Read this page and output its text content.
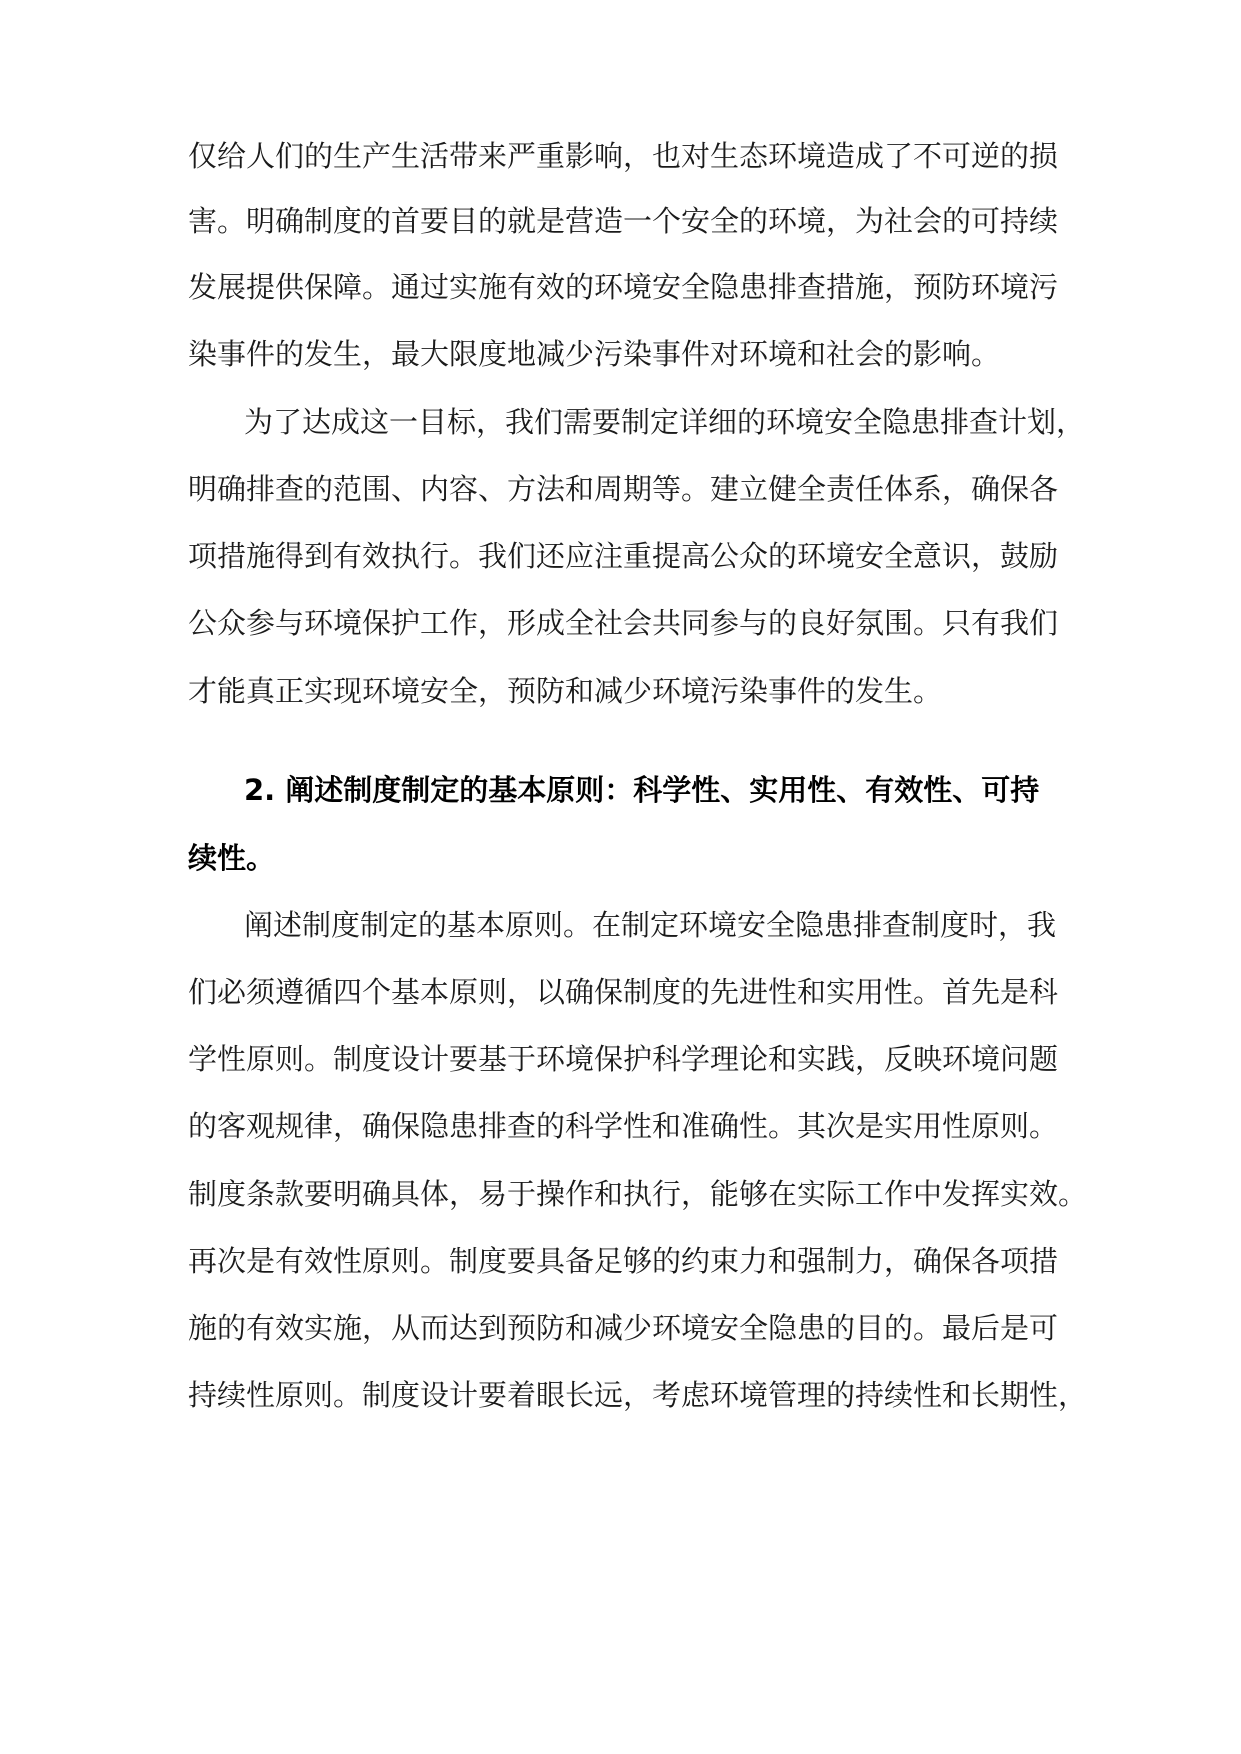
仅给人们的生产生活带来严重影响，也对生态环境造成了不可逆的损
害。明确制度的首要目的就是营造一个安全的环境，为社会的可持续
发展提供保障。通过实施有效的环境安全隐患排查措施，预防环境污
染事件的发生，最大限度地减少污染事件对环境和社会的影响。
为了达成这一目标，我们需要制定详细的环境安全隐患排查计划，
明确排查的范围、内容、方法和周期等。建立健全责任体系，确保各
项措施得到有效执行。我们还应注重提高公众的环境安全意识，鼓励
公众参与环境保护工作，形成全社会共同参与的良好氛围。只有我们
才能真正实现环境安全，预防和减少环境污染事件的发生。
2. 阐述制度制定的基本原则：科学性、实用性、有效性、可持
续性。
阐述制度制定的基本原则。在制定环境安全隐患排查制度时，我
们必须遵循四个基本原则，以确保制度的先进性和实用性。首先是科
学性原则。制度设计要基于环境保护科学理论和实践，反映环境问题
的客观规律，确保隐患排查的科学性和准确性。其次是实用性原则。
制度条款要明确具体，易于操作和执行，能够在实际工作中发挥实效。
再次是有效性原则。制度要具备足够的约束力和强制力，确保各项措
施的有效实施，从而达到预防和减少环境安全隐患的目的。最后是可
持续性原则。制度设计要着眼长远，考虑环境管理的持续性和长期性，
